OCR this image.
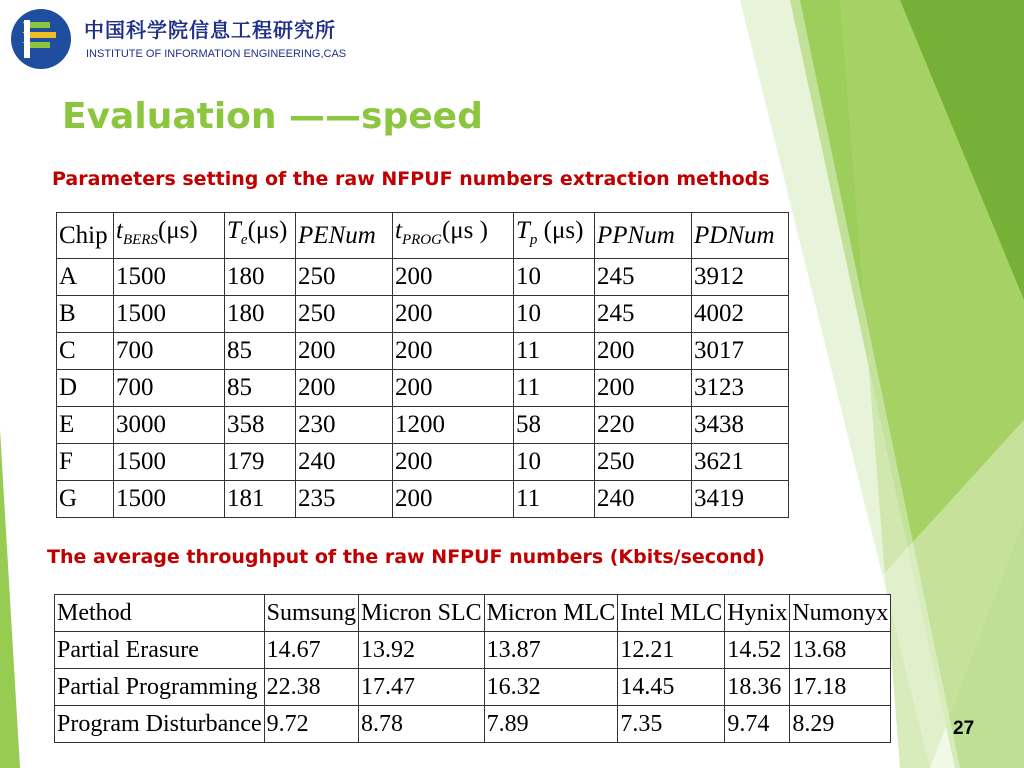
中国科学院信息工程研究所
INSTITUTE OF INFORMATION ENGINEERING,CAS
Evaluation ——speed
Parameters setting of the raw NFPUF numbers extraction methods
Chip	$t_{BERS}(\mu s)$	$T_e(\mu s)$	PENum	$t_{PROG}(\mu s$ )	$T_p$ (μs)	PPNum	PDNum
A	1500	180	250	200	10	245	3912
B	1500	180	250	200	10	245	4002
C	700	85	200	200	11	200	3017
D	700	85	200	200	11	200	3123
E	3000	358	230	1200	58	220	3438
F	1500	179	240	200	10	250	3621
G	1500	181	235	200	11	240	3419
The average throughput of the raw NFPUF numbers (Kbits/second)
Method	Sumsung	Micron SLC	Micron MLC	Intel MLC	Hynix	Numonyx
Partial Erasure	14.67	13.92	13.87	12.21	14.52	13.68
Partial Programming	22.38	17.47	16.32	14.45	18.36	17.18
Program Disturbance	9.72	8.78	7.89	7.35	9.74	8.29	27
